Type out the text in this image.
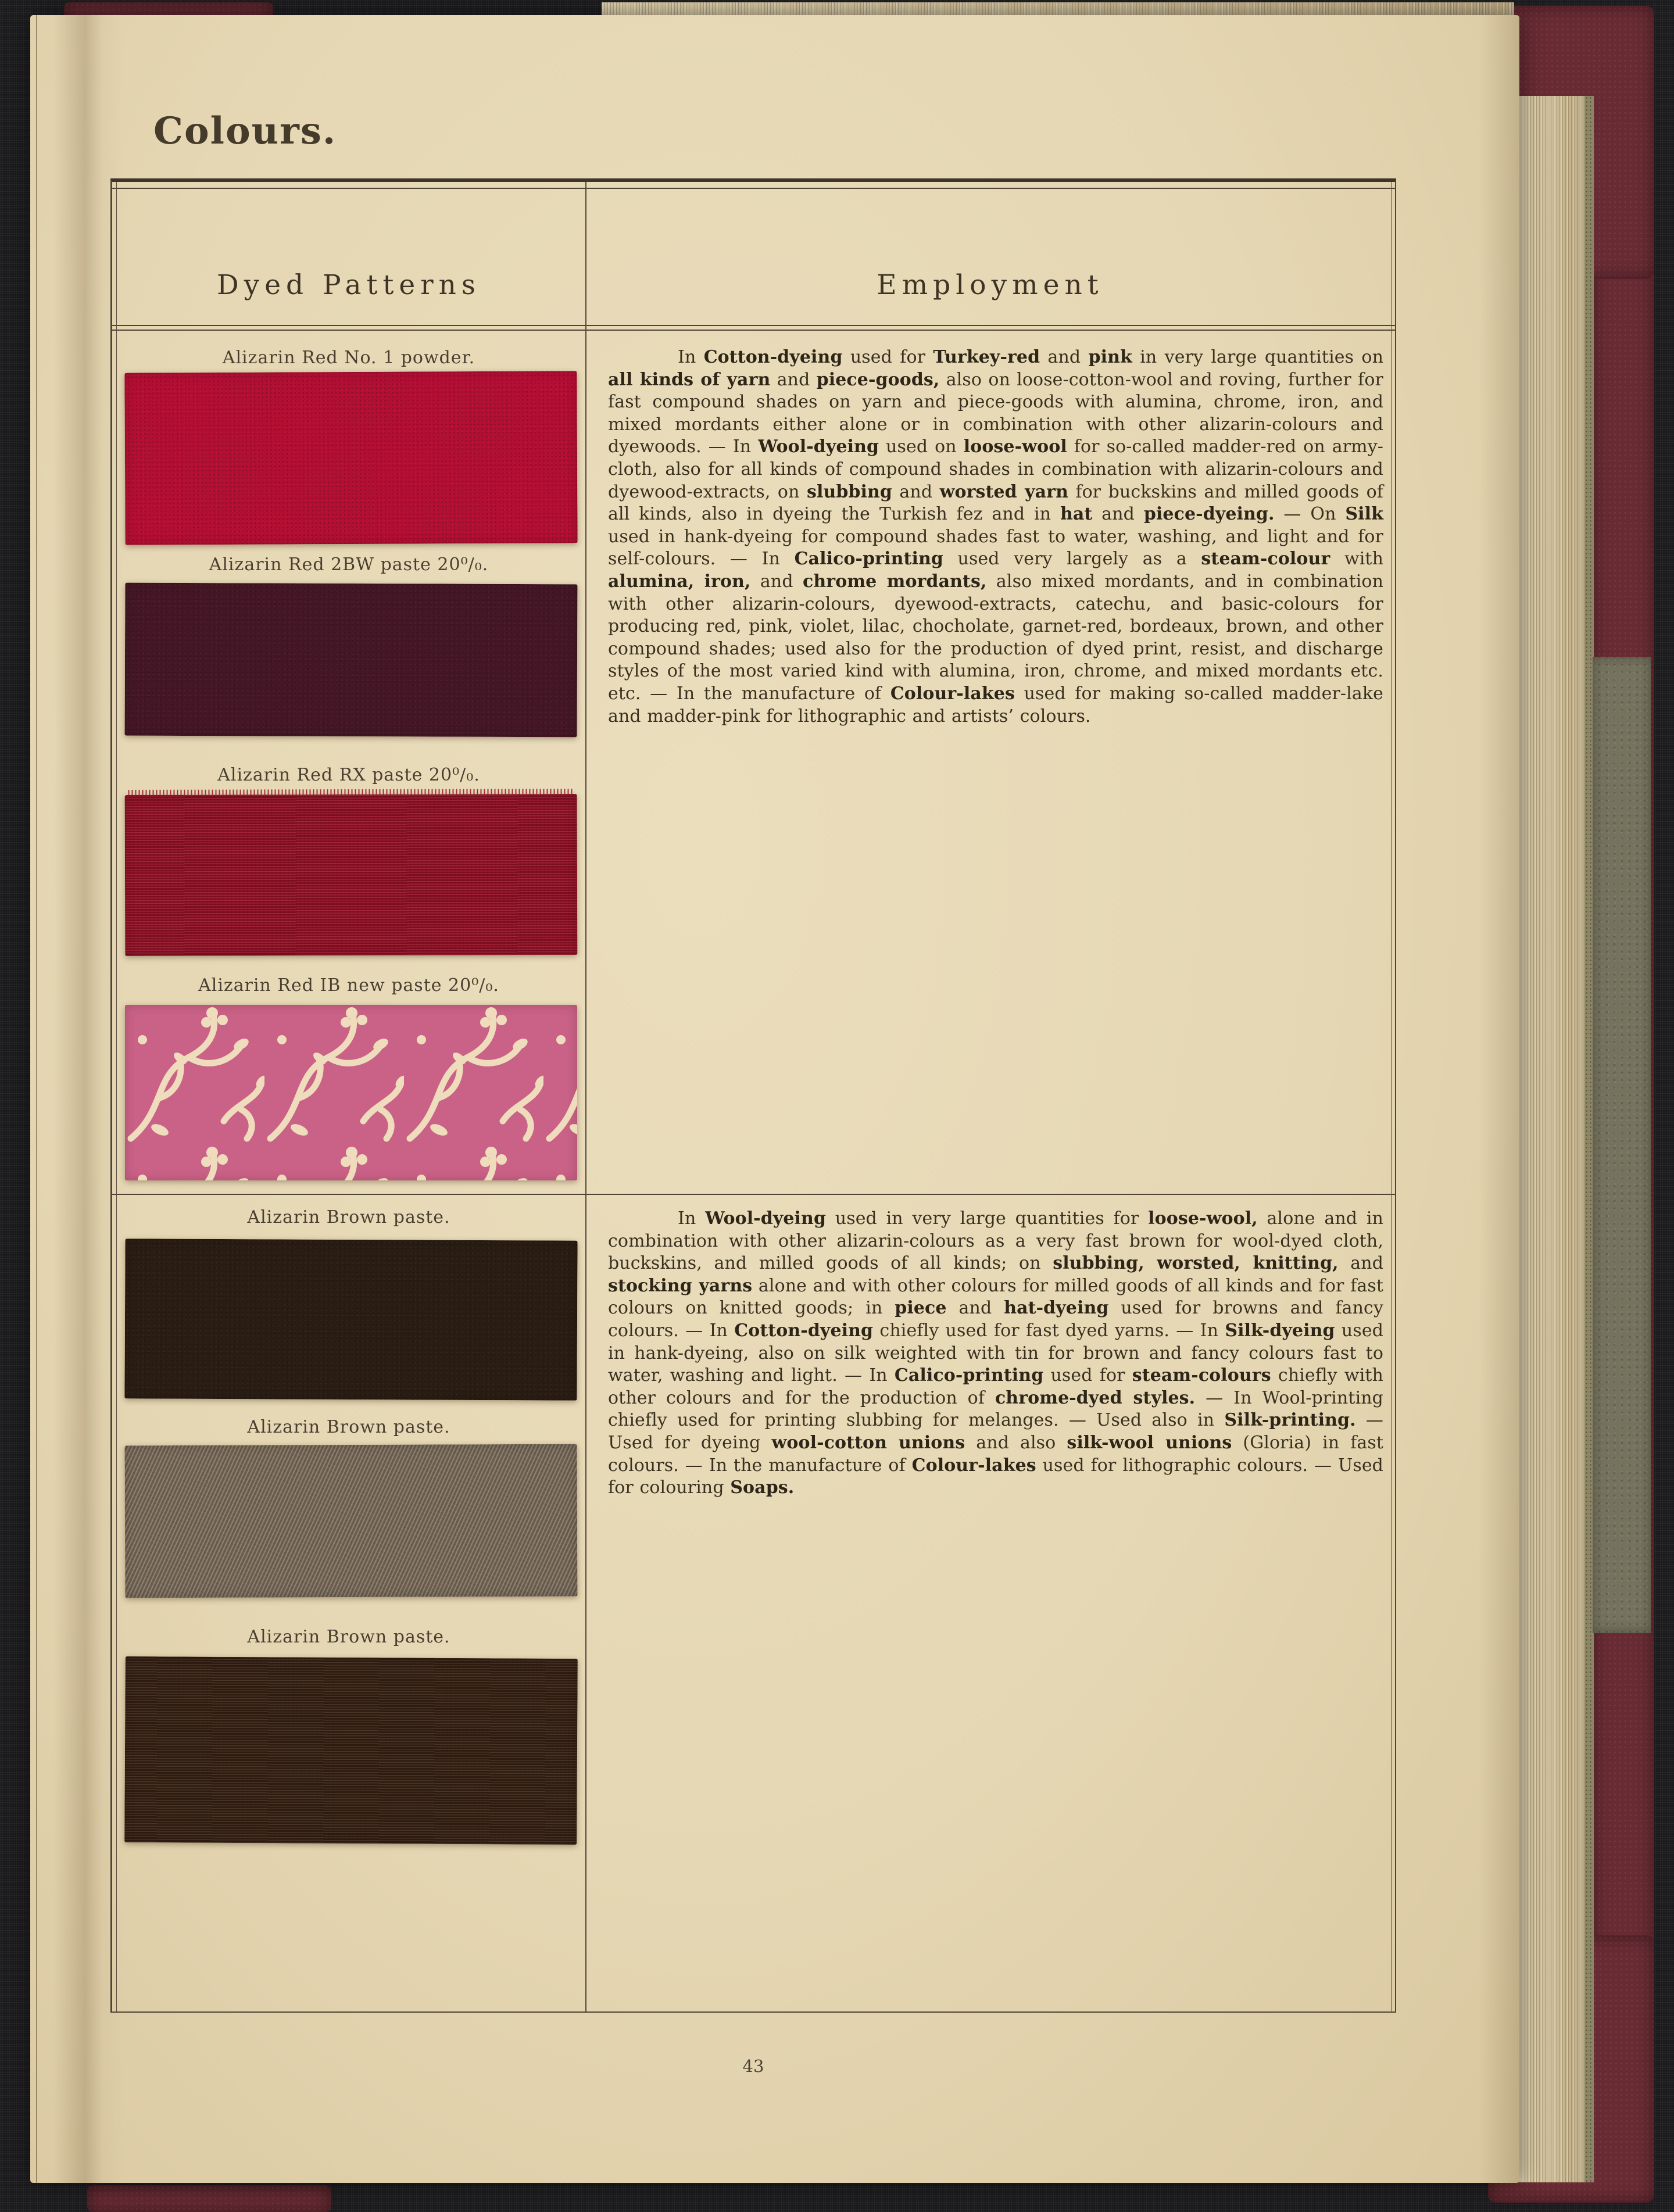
Colours.
Dyed Patterns	Employment
Alizarin Red No. 1 powder.
Alizarin Red 2BW paste 20⁰/₀.
Alizarin Red RX paste 20⁰/₀.
Alizarin Red IB new paste 20⁰/₀.
Alizarin Brown paste.
Alizarin Brown paste.
Alizarin Brown paste.
In Cotton-dyeing used for Turkey-red and pink in very large quantities on all kinds of yarn and piece-goods, also on loose-cotton-wool and roving, further for fast compound shades on yarn and piece-goods with alumina, chrome, iron, and mixed mordants either alone or in combination with other alizarin-colours and dyewoods. — In Wool-dyeing used on loose-wool for so-called madder-red on army-cloth, also for all kinds of compound shades in combination with alizarin-colours and dyewood-extracts, on slubbing and worsted yarn for buckskins and milled goods of all kinds, also in dyeing the Turkish fez and in hat and piece-dyeing. — On Silk used in hank-dyeing for compound shades fast to water, washing, and light and for self-colours. — In Calico-printing used very largely as a steam-colour with alumina, iron, and chrome mordants, also mixed mordants, and in combination with other alizarin-colours, dyewood-extracts, catechu, and basic-colours for producing red, pink, violet, lilac, chocholate, garnet-red, bordeaux, brown, and other compound shades; used also for the production of dyed print, resist, and discharge styles of the most varied kind with alumina, iron, chrome, and mixed mordants etc. etc. — In the manufacture of Colour-lakes used for making so-called madder-lake and madder-pink for lithographic and artists’ colours.
In Wool-dyeing used in very large quantities for loose-wool, alone and in combination with other alizarin-colours as a very fast brown for wool-dyed cloth, buckskins, and milled goods of all kinds; on slubbing, worsted, knitting, and stocking yarns alone and with other colours for milled goods of all kinds and for fast colours on knitted goods; in piece and hat-dyeing used for browns and fancy colours. — In Cotton-dyeing chiefly used for fast dyed yarns. — In Silk-dyeing used in hank-dyeing, also on silk weighted with tin for brown and fancy colours fast to water, washing and light. — In Calico-printing used for steam-colours chiefly with other colours and for the production of chrome-dyed styles. — In Wool-printing chiefly used for printing slubbing for melanges. — Used also in Silk-printing. — Used for dyeing wool-cotton unions and also silk-wool unions (Gloria) in fast colours. — In the manufacture of Colour-lakes used for lithographic colours. — Used for colouring Soaps.
43
